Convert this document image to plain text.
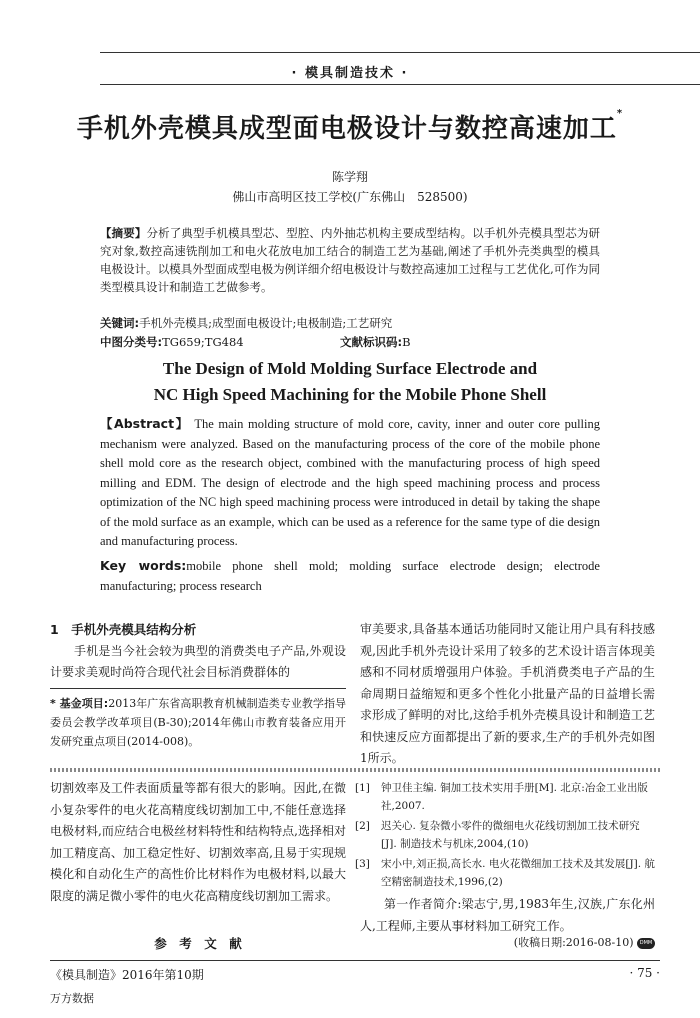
· 模具制造技术 ·
手机外壳模具成型面电极设计与数控高速加工*
陈学翔
佛山市高明区技工学校(广东佛山　528500)
【摘要】分析了典型手机模具型芯、型腔、内外抽芯机构主要成型结构。以手机外壳模具型芯为研究对象,数控高速铣削加工和电火花放电加工结合的制造工艺为基础,阐述了手机外壳类典型的模具电极设计。以模具外型面成型电极为例详细介绍电极设计与数控高速加工过程与工艺优化,可作为同类型模具设计和制造工艺做参考。
关键词:手机外壳模具;成型面电极设计;电极制造;工艺研究
中图分类号:TG659;TG484	文献标识码:B
The Design of Mold Molding Surface Electrode and
NC High Speed Machining for the Mobile Phone Shell
【Abstract】 The main molding structure of mold core, cavity, inner and outer core pulling mechanism were analyzed. Based on the manufacturing process of the core of the mobile phone shell mold core as the research object, combined with the manufacturing process of high speed milling and EDM. The design of electrode and the high speed machining process and process optimization of the NC high speed machining process were introduced in detail by taking the shape of the mold surface as an example, which can be used as a reference for the same type of die design and manufacturing process.
Key words:mobile phone shell mold; molding surface electrode design; electrode manufacturing; process research
1　手机外壳模具结构分析
手机是当今社会较为典型的消费类电子产品,外观设计要求美观时尚符合现代社会目标消费群体的
* 基金项目:2013年广东省高职教育机械制造类专业教学指导委员会教学改革项目(B-30);2014年佛山市教育装备应用开发研究重点项目(2014-008)。
审美要求,具备基本通话功能同时又能让用户具有科技感观,因此手机外壳设计采用了较多的艺术设计语言体现美感和不同材质增强用户体验。手机消费类电子产品的生命周期日益缩短和更多个性化小批量产品的日益增长需求形成了鲜明的对比,这给手机外壳模具设计和制造工艺和快速反应方面都提出了新的要求,生产的手机外壳如图1所示。
切割效率及工件表面质量等都有很大的影响。因此,在微小复杂零件的电火花高精度线切割加工中,不能任意选择电极材料,而应结合电极丝材料特性和结构特点,选择相对加工精度高、加工稳定性好、切割效率高,且易于实现规模化和自动化生产的高性价比材料作为电极材料,以最大限度的满足微小零件的电火花高精度线切割加工需求。
参　考　文　献
[1] 钟卫佳主编. 铜加工技术实用手册[M]. 北京:冶金工业出版社,2007.
[2] 迟关心. 复杂微小零件的微细电火花线切割加工技术研究[J]. 制造技术与机床,2004,(10)
[3] 宋小中,刘正损,高长水. 电火花微细加工技术及其发展[J]. 航空精密制造技术,1996,(2)
第一作者简介:梁志宁,男,1983年生,汉族,广东化州人,工程师,主要从事材料加工研究工作。
(收稿日期:2016-08-10) DMM
《模具制造》2016年第10期	· 75 ·
万方数据
